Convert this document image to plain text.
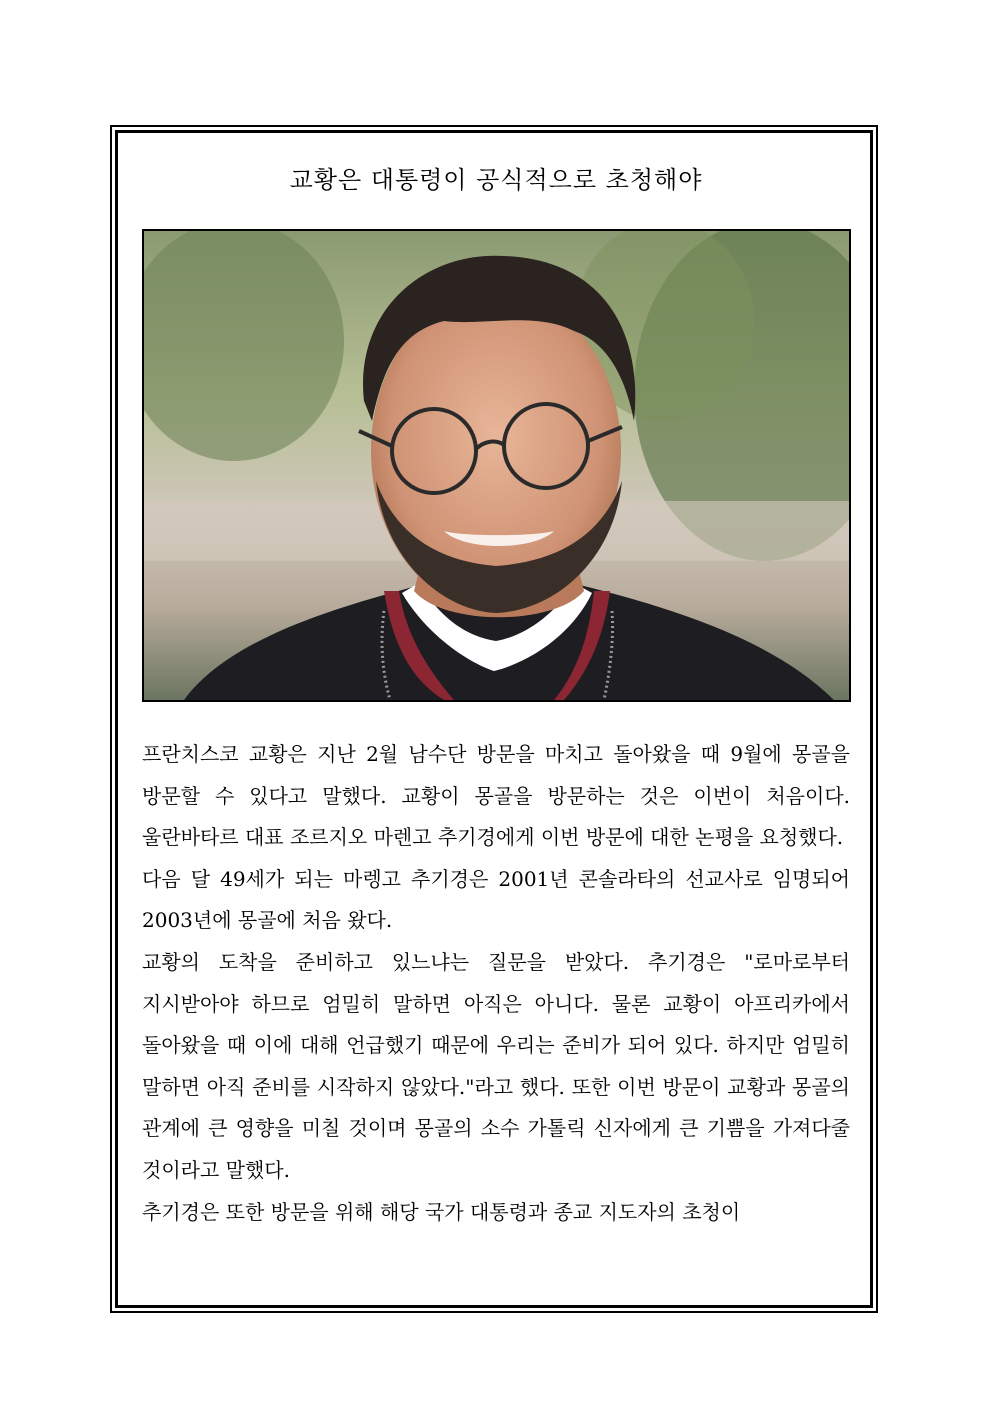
교황은 대통령이 공식적으로 초청해야

프란치스코 교황은 지난 2월 남수단 방문을 마치고 돌아왔을 때 9월에 몽골을 방문할 수 있다고 말했다. 교황이 몽골을 방문하는 것은 이번이 처음이다. 울란바타르 대표 조르지오 마렌고 추기경에게 이번 방문에 대한 논평을 요청했다.

다음 달 49세가 되는 마렝고 추기경은 2001년 콘솔라타의 선교사로 임명되어 2003년에 몽골에 처음 왔다.

교황의 도착을 준비하고 있느냐는 질문을 받았다. 추기경은 "로마로부터 지시받아야 하므로 엄밀히 말하면 아직은 아니다. 물론 교황이 아프리카에서 돌아왔을 때 이에 대해 언급했기 때문에 우리는 준비가 되어 있다. 하지만 엄밀히 말하면 아직 준비를 시작하지 않았다."라고 했다. 또한 이번 방문이 교황과 몽골의 관계에 큰 영향을 미칠 것이며 몽골의 소수 가톨릭 신자에게 큰 기쁨을 가져다줄 것이라고 말했다.

추기경은 또한 방문을 위해 해당 국가 대통령과 종교 지도자의 초청이
